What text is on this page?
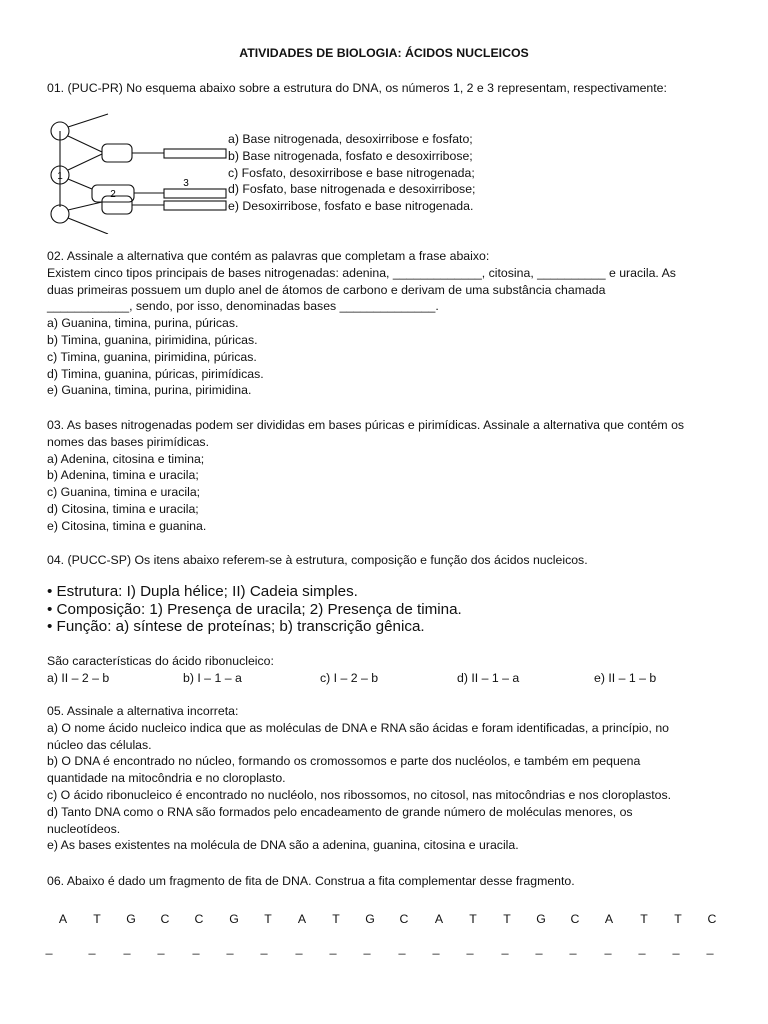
ATIVIDADES DE BIOLOGIA: ÁCIDOS NUCLEICOS
01. (PUC-PR) No esquema abaixo sobre a estrutura do DNA, os números 1, 2 e 3 representam, respectivamente:
1
2
3
a) Base nitrogenada, desoxirribose e fosfato;
b) Base nitrogenada, fosfato e desoxirribose;
c) Fosfato, desoxirribose e base nitrogenada;
d) Fosfato, base nitrogenada e desoxirribose;
e) Desoxirribose, fosfato e base nitrogenada.
02. Assinale a alternativa que contém as palavras que completam a frase abaixo:
Existem cinco tipos principais de bases nitrogenadas: adenina, _____________, citosina, __________ e uracila. As
duas primeiras possuem um duplo anel de átomos de carbono e derivam de uma substância chamada
____________, sendo, por isso, denominadas bases ______________.
a) Guanina, timina, purina, púricas.
b) Timina, guanina, pirimidina, púricas.
c) Timina, guanina, pirimidina, púricas.
d) Timina, guanina, púricas, pirimídicas.
e) Guanina, timina, purina, pirimidina.
03. As bases nitrogenadas podem ser divididas em bases púricas e pirimídicas. Assinale a alternativa que contém os
nomes das bases pirimídicas.
a) Adenina, citosina e timina;
b) Adenina, timina e uracila;
c) Guanina, timina e uracila;
d) Citosina, timina e uracila;
e) Citosina, timina e guanina.
04. (PUCC-SP) Os itens abaixo referem-se à estrutura, composição e função dos ácidos nucleicos.
• Estrutura: I) Dupla hélice; II) Cadeia simples.
• Composição: 1) Presença de uracila; 2) Presença de timina.
• Função: a) síntese de proteínas; b) transcrição gênica.
São características do ácido ribonucleico:
a) II – 2 – b	b) I – 1 – a	c) I – 2 – b	d) II – 1 – a	e) II – 1 – b
05. Assinale a alternativa incorreta:
a) O nome ácido nucleico indica que as moléculas de DNA e RNA são ácidas e foram identificadas, a princípio, no
núcleo das células.
b) O DNA é encontrado no núcleo, formando os cromossomos e parte dos nucléolos, e também em pequena
quantidade na mitocôndria e no cloroplasto.
c) O ácido ribonucleico é encontrado no nucléolo, nos ribossomos, no citosol, nas mitocôndrias e nos cloroplastos.
d) Tanto DNA como o RNA são formados pelo encadeamento de grande número de moléculas menores, os
nucleotídeos.
e) As bases existentes na molécula de DNA são a adenina, guanina, citosina e uracila.
06. Abaixo é dado um fragmento de fita de DNA. Construa a fita complementar desse fragmento.
A	T	G C C G	T	A	T	G C	A	T	T	G C	A	T	T	C
_	_	_	_	_	_	_	_	_	_	_	_	_	_	_	_	_	_	_	_
